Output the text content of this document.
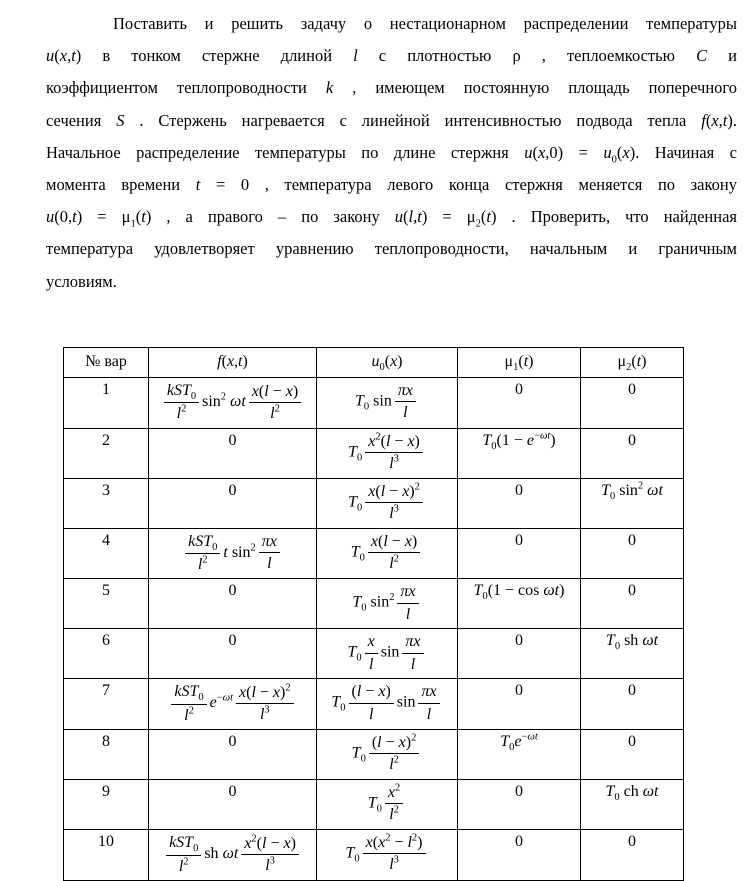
Поставить и решить задачу о нестационарном распределении температуры
u(x,t) в тонком стержне длиной l с плотностью ρ , теплоемкостью C и
коэффициентом теплопроводности k , имеющем постоянную площадь поперечного
сечения S . Стержень нагревается с линейной интенсивностью подвода тепла f(x,t).
Начальное распределение температуры по длине стержня $u(x,0) = u_0(x)$. Начиная с
момента времени t = 0 , температура левого конца стержня меняется по закону
$u(0,t) = \mu_1(t)$ , а правого – по закону $u(l,t) = \mu_2(t)$ . Проверить, что найденная
температура удовлетворяет уравнению теплопроводности, начальным и граничным
условиям.
№ вар	f(x,t)	$u_0(x)$	$\mu_1(t)$	$\mu_2(t)$
1	$\frac{kST_0}{l^2} \sin^2 \omega t \frac{x(l - x)}{l^2}$	$T_0$ $\sin \frac{\pi x}{l}$	0	0
2	0	$T_0 \frac{x^2(l - x)}{l^3}$	$T_0(1 - e^{-\omega t})$	0
3	0	$T_0 \frac{x(l - x)^2}{l^3}$	0	$T_0$ $\sin^2 \omega t$
4	$\frac{kST_0}{l^2}$ t $\sin^2 \frac{\pi x}{l}$	$T_0 \frac{x(l - x)}{l^2}$	0	0
5	0	$T_0$ $\sin^2 \frac{\pi x}{l}$	$T_0(1 - \cos \omega t)$	0
6	0	$T_0 \frac{x}{l}$ $\sin \frac{\pi x}{l}$	0	$T_0$ sh ωt
7	$\frac{kST_0}{l^2} e^{-\omega t} \frac{x(l - x)^2}{l^3}$	$T_0 \frac{(l - x)}{l}$ $\sin \frac{\pi x}{l}$	0	0
8	0	$T_0 \frac{(l - x)^2}{l^2}$	$T_0e^{-\omega t}$	0
9	0	$T_0 \frac{x^2}{l^2}$	0	$T_0$ ch ωt
10	$\frac{kST_0}{l^2}$ sh ωt $\frac{x^2(l - x)}{l^3}$	$T_0 \frac{x(x^2 - l^2)}{l^3}$	0	0
